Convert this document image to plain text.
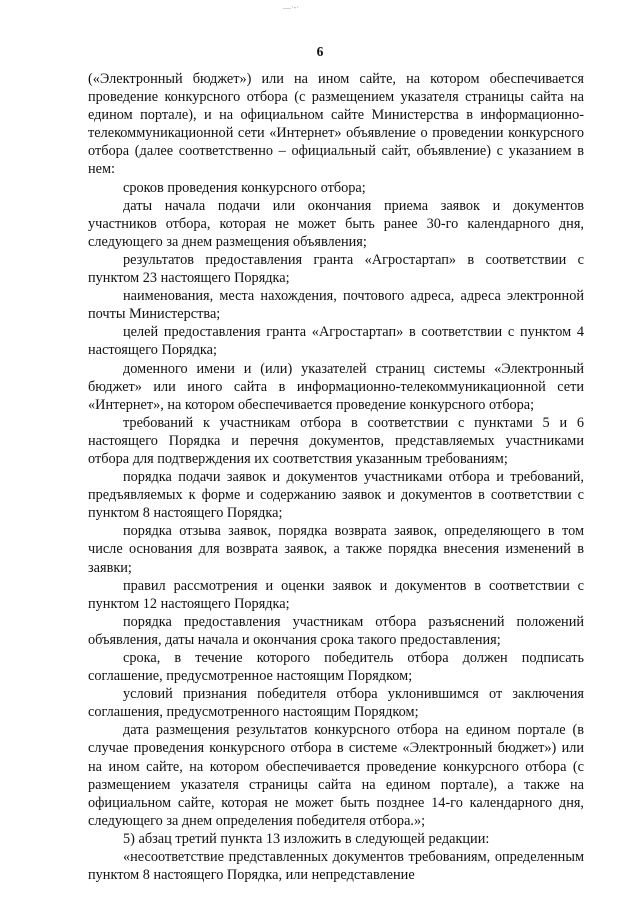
—·-·
6

(«Электронный бюджет») или на ином сайте, на котором обеспечивается проведение конкурсного отбора (с размещением указателя страницы сайта на едином портале), и на официальном сайте Министерства в информационно-телекоммуникационной сети «Интернет» объявление о проведении конкурсного отбора (далее соответственно – официальный сайт, объявление) с указанием в нем:

сроков проведения конкурсного отбора;

даты начала подачи или окончания приема заявок и документов участников отбора, которая не может быть ранее 30-го календарного дня, следующего за днем размещения объявления;

результатов предоставления гранта «Агростартап» в соответствии с пунктом 23 настоящего Порядка;

наименования, места нахождения, почтового адреса, адреса электронной почты Министерства;

целей предоставления гранта «Агростартап» в соответствии с пунктом 4 настоящего Порядка;

доменного имени и (или) указателей страниц системы «Электронный бюджет» или иного сайта в информационно-телекоммуникационной сети «Интернет», на котором обеспечивается проведение конкурсного отбора;

требований к участникам отбора в соответствии с пунктами 5 и 6 настоящего Порядка и перечня документов, представляемых участниками отбора для подтверждения их соответствия указанным требованиям;

порядка подачи заявок и документов участниками отбора и требований, предъявляемых к форме и содержанию заявок и документов в соответствии с пунктом 8 настоящего Порядка;

порядка отзыва заявок, порядка возврата заявок, определяющего в том числе основания для возврата заявок, а также порядка внесения изменений в заявки;

правил рассмотрения и оценки заявок и документов в соответствии с пунктом 12 настоящего Порядка;

порядка предоставления участникам отбора разъяснений положений объявления, даты начала и окончания срока такого предоставления;

срока, в течение которого победитель отбора должен подписать соглашение, предусмотренное настоящим Порядком;

условий признания победителя отбора уклонившимся от заключения соглашения, предусмотренного настоящим Порядком;

дата размещения результатов конкурсного отбора на едином портале (в случае проведения конкурсного отбора в системе «Электронный бюджет») или на ином сайте, на котором обеспечивается проведение конкурсного отбора (с размещением указателя страницы сайта на едином портале), а также на официальном сайте, которая не может быть позднее 14-го календарного дня, следующего за днем определения победителя отбора.»;

5) абзац третий пункта 13 изложить в следующей редакции:

«несоответствие представленных документов требованиям, определенным пунктом 8 настоящего Порядка, или непредставление
